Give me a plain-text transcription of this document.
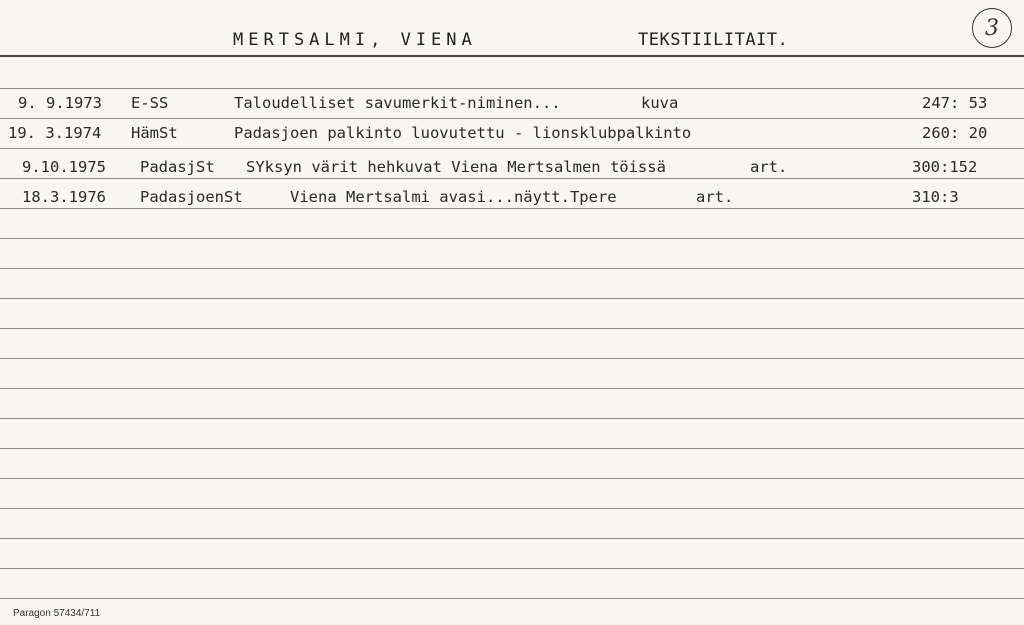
MERTSALMI, VIENA	TEKSTIILITAIT.	3
9. 9.1973 E-SS	Taloudelliset savumerkit-niminen...	kuva	247: 53
19. 3.1974 HämSt	Padasjoen palkinto luovutettu - lionsklubpalkinto	260: 20
9.10.1975 PadasjSt SYksyn värit hehkuvat Viena Mertsalmen töissä	art.	300:152
18.3.1976 PadasjoenSt	Viena Mertsalmi avasi...näytt.Tpere	art.	310:3
Paragon 57434/711
